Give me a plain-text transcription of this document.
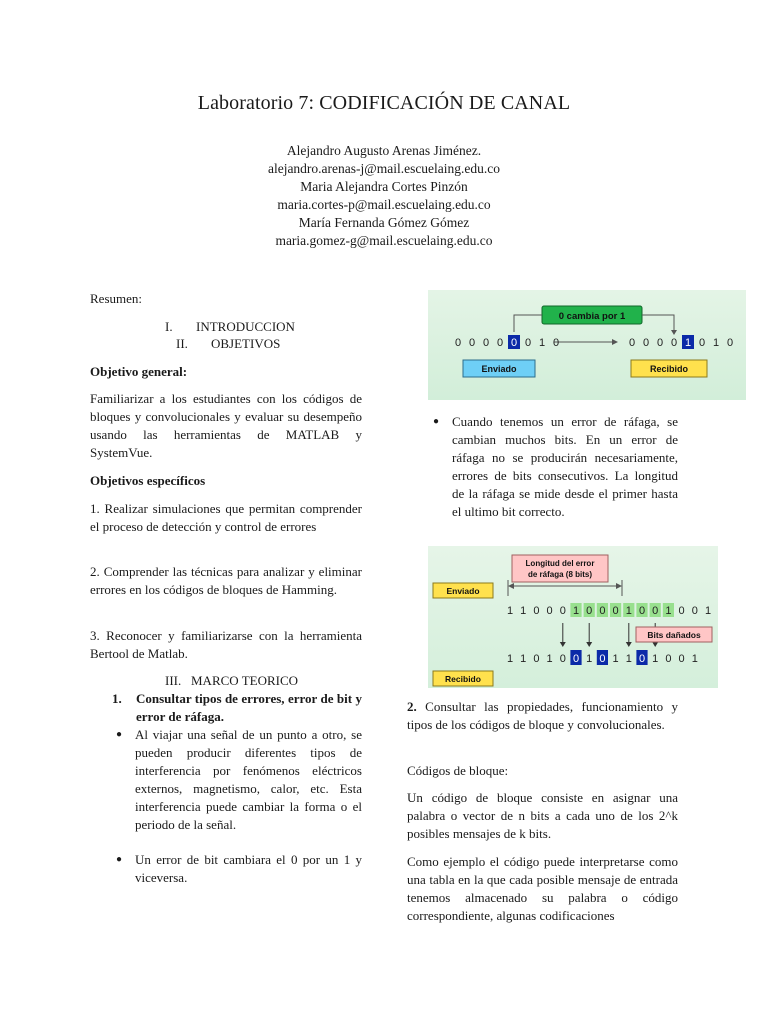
Laboratorio 7: CODIFICACIÓN DE CANAL
Alejandro Augusto Arenas Jiménez.
alejandro.arenas-j@mail.escuelaing.edu.co
Maria Alejandra Cortes Pinzón
maria.cortes-p@mail.escuelaing.edu.co
María Fernanda Gómez Gómez
maria.gomez-g@mail.escuelaing.edu.co
Resumen:
I. INTRODUCCION
II. OBJETIVOS
Objetivo general:
Familiarizar a los estudiantes con los códigos de bloques y convolucionales y evaluar su desempeño usando las herramientas de MATLAB y SystemVue.
Objetivos específicos
1. Realizar simulaciones que permitan comprender el proceso de detección y control de errores
2. Comprender las técnicas para analizar y eliminar errores en los códigos de bloques de Hamming.
3. Reconocer y familiarizarse con la herramienta Bertool de Matlab.
III. MARCO TEORICO
1. Consultar tipos de errores, error de bit y error de ráfaga.
● Al viajar una señal de un punto a otro, se pueden producir diferentes tipos de interferencia por fenómenos eléctricos externos, magnetismo, calor, etc. Esta interferencia puede cambiar la forma o el periodo de la señal.
● Un error de bit cambiara el 0 por un 1 y viceversa.
0 cambia por 1
0 0 0 0 0 0 1 0	0 0 0 0 1 0 1 0
Enviado	Recibido
● Cuando tenemos un error de ráfaga, se cambian muchos bits. En un error de ráfaga no se producirán necesariamente, errores de bits consecutivos. La longitud de la ráfaga se mide desde el primer hasta el ultimo bit correcto.
Longitud del error
de ráfaga (8 bits)
Enviado
1 1 0 0 0 1 0 0 0 1 0 0 1 0 0 1
Bits dañados
1 1 0 1 0 0 1 0 1 1 0 1 0 0 1
Recibido
2. Consultar las propiedades, funcionamiento y tipos de los códigos de bloque y convolucionales.
Códigos de bloque:
Un código de bloque consiste en asignar una palabra o vector de n bits a cada uno de los 2^k posibles mensajes de k bits.
Como ejemplo el código puede interpretarse como una tabla en la que cada posible mensaje de entrada tenemos almacenado su palabra o código correspondiente, algunas codificaciones
